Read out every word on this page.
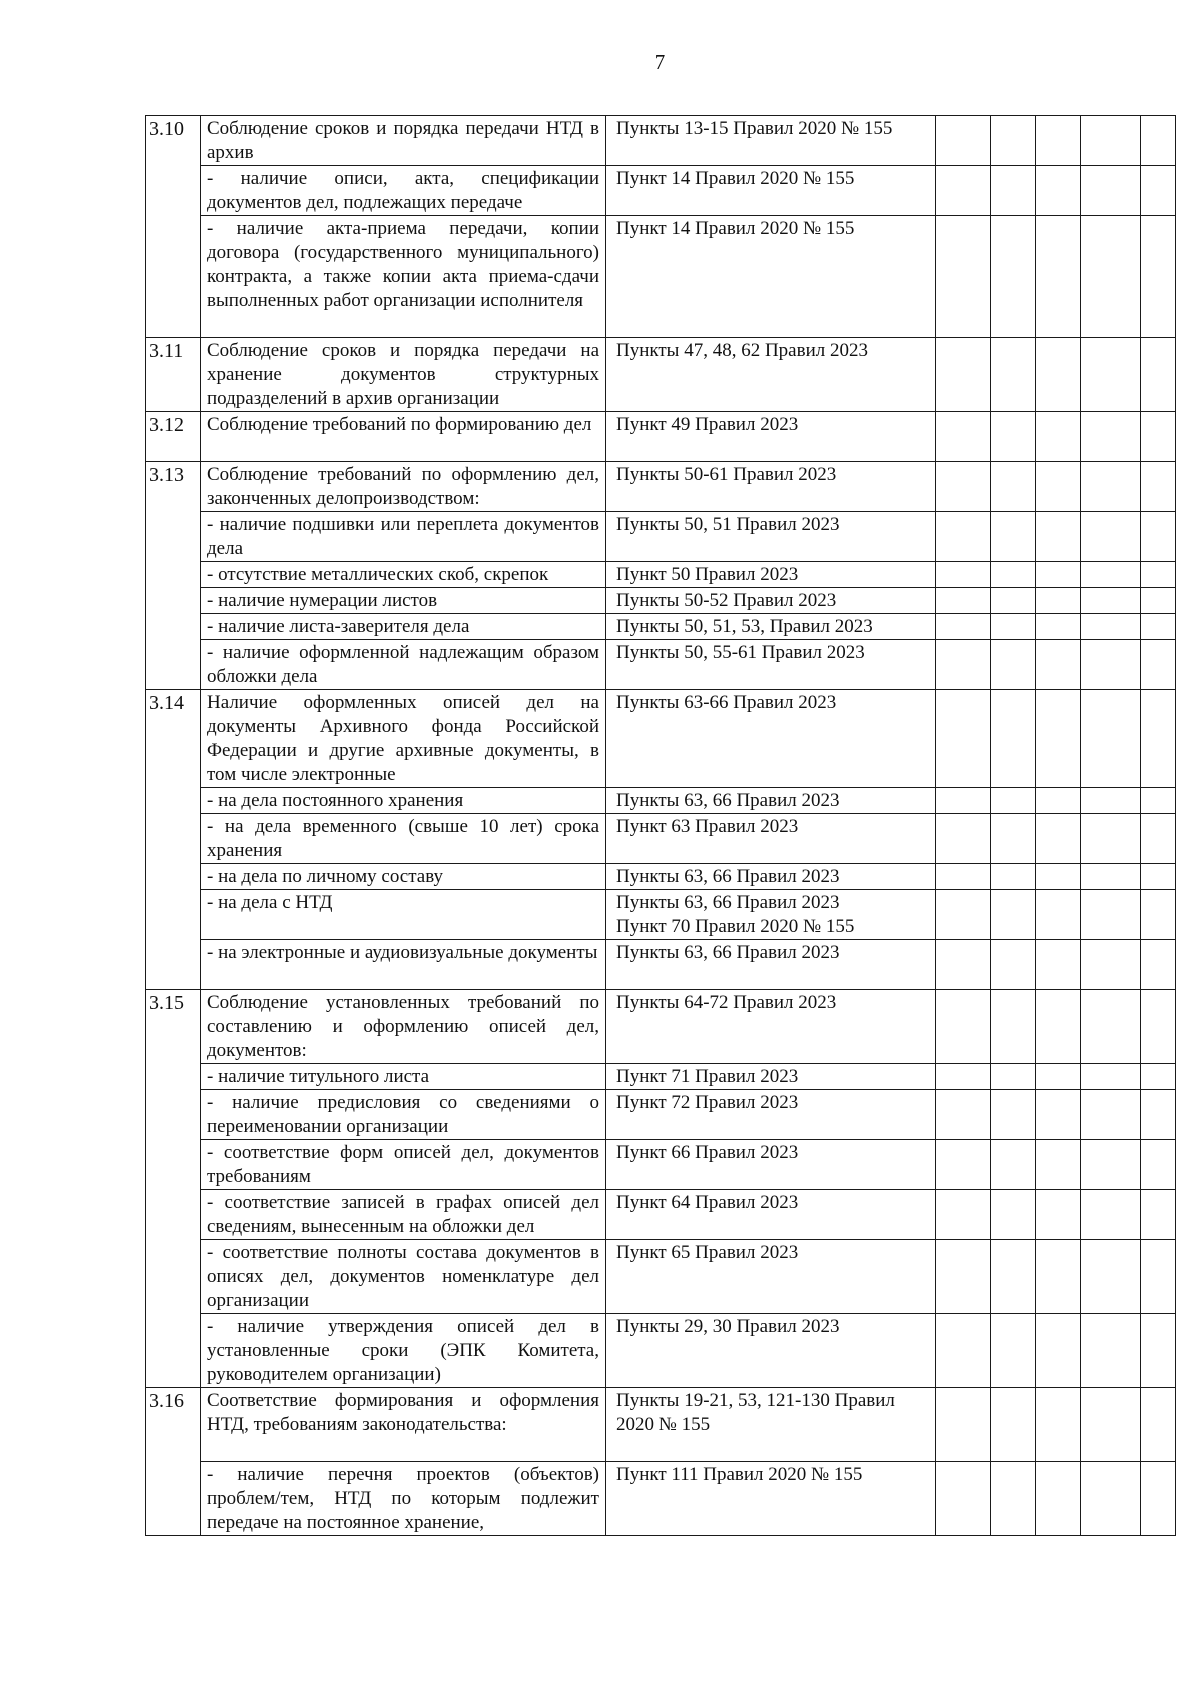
7
3.10	Соблюдение сроков и порядка передачи НТД в архив	Пункты 13-15 Правил 2020 № 155					

	- наличие описи, акта, спецификации документов дел, подлежащих передаче	Пункт 14 Правил 2020 № 155					

	- наличие акта-приема передачи, копии договора (государственного муниципального) контракта, а также копии акта приема-сдачи выполненных работ организации исполнителя	Пункт 14 Правил 2020 № 155					

3.11	Соблюдение сроков и порядка передачи на хранение документов структурных подразделений в архив организации	Пункты 47, 48, 62 Правил 2023					

3.12	Соблюдение требований по формированию дел	Пункт 49 Правил 2023					

3.13	Соблюдение требований по оформлению дел, законченных делопроизводством:	Пункты 50-61 Правил 2023					

	- наличие подшивки или переплета документов дела	Пункты 50, 51 Правил 2023					

	- отсутствие металлических скоб, скрепок	Пункт 50 Правил 2023					

	- наличие нумерации листов	Пункты 50-52 Правил 2023					

	- наличие листа-заверителя дела	Пункты 50, 51, 53, Правил 2023					

	- наличие оформленной надлежащим образом обложки дела	Пункты 50, 55-61 Правил 2023					

3.14	Наличие оформленных описей дел на документы Архивного фонда Российской Федерации и другие архивные документы, в том числе электронные	Пункты 63-66 Правил 2023					

	- на дела постоянного хранения	Пункты 63, 66 Правил 2023					

	- на дела временного (свыше 10 лет) срока хранения	Пункт 63 Правил 2023					

	- на дела по личному составу	Пункты 63, 66 Правил 2023					

	- на дела с НТД	Пункты 63, 66 Правил 2023
Пункт 70 Правил 2020 № 155					

	- на электронные и аудиовизуальные документы	Пункты 63, 66 Правил 2023					

3.15	Соблюдение установленных требований по составлению и оформлению описей дел, документов:	Пункты 64-72 Правил 2023					

	- наличие титульного листа	Пункт 71 Правил 2023					

	- наличие предисловия со сведениями о переименовании организации	Пункт 72 Правил 2023					

	- соответствие форм описей дел, документов требованиям	Пункт 66 Правил 2023					

	- соответствие записей в графах описей дел сведениям, вынесенным на обложки дел	Пункт 64 Правил 2023					

	- соответствие полноты состава документов в описях дел, документов номенклатуре дел организации	Пункт 65 Правил 2023					

	- наличие утверждения описей дел в установленные сроки (ЭПК Комитета, руководителем организации)	Пункты 29, 30 Правил 2023					

3.16	Соответствие формирования и оформления НТД, требованиям законодательства:	Пункты 19-21, 53, 121-130 Правил 2020 № 155					

	- наличие перечня проектов (объектов) проблем/тем, НТД по которым подлежит передаче на постоянное хранение,	Пункт 111 Правил 2020 № 155					
